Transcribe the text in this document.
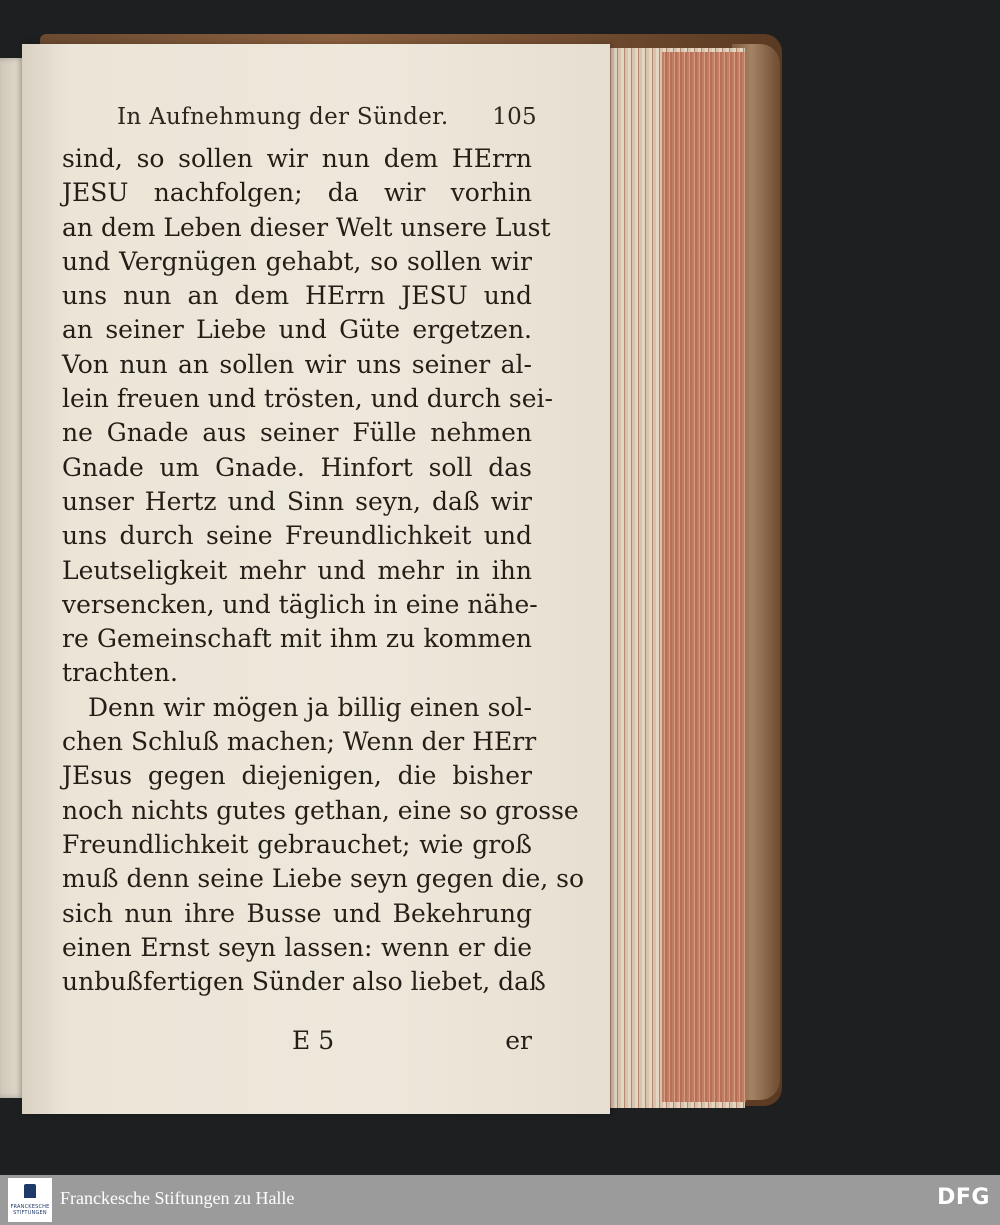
In Aufnehmung der Sünder. 105
sind, so sollen wir nun dem HErrn
JESU nachfolgen; da wir vorhin
an dem Leben dieser Welt unsere Lust
und Vergnügen gehabt, so sollen wir
uns nun an dem HErrn JESU und
an seiner Liebe und Güte ergetzen.
Von nun an sollen wir uns seiner al-
lein freuen und trösten, und durch sei-
ne Gnade aus seiner Fülle nehmen
Gnade um Gnade. Hinfort soll das
unser Hertz und Sinn seyn, daß wir
uns durch seine Freundlichkeit und
Leutseligkeit mehr und mehr in ihn
versencken, und täglich in eine nähe-
re Gemeinschaft mit ihm zu kommen
trachten.
Denn wir mögen ja billig einen sol-
chen Schluß machen; Wenn der HErr
JEsus gegen diejenigen, die bisher
noch nichts gutes gethan, eine so grosse
Freundlichkeit gebrauchet; wie groß
muß denn seine Liebe seyn gegen die, so
sich nun ihre Busse und Bekehrung
einen Ernst seyn lassen: wenn er die
unbußfertigen Sünder also liebet, daß
E 5	er
FRANCKESCHE STIFTUNGEN
Franckesche Stiftungen zu Halle	DFG
